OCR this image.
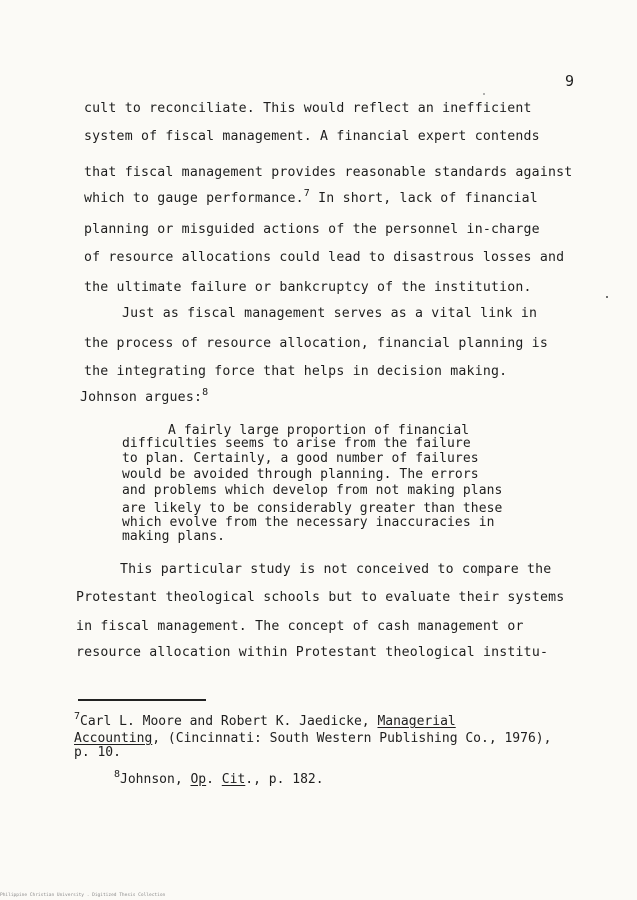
9
cult to reconciliate. This would reflect an inefficient
system of fiscal management. A financial expert contends
that fiscal management provides reasonable standards against
which to gauge performance.$^7$ In short, lack of financial
planning or misguided actions of the personnel in-charge
of resource allocations could lead to disastrous losses and
the ultimate failure or bankcruptcy of the institution.
Just as fiscal management serves as a vital link in
the process of resource allocation, financial planning is
the integrating force that helps in decision making.
Johnson argues:$^8$
A fairly large proportion of financial
difficulties seems to arise from the failure
to plan. Certainly, a good number of failures
would be avoided through planning. The errors
and problems which develop from not making plans
are likely to be considerably greater than these
which evolve from the necessary inaccuracies in
making plans.
This particular study is not conceived to compare the
Protestant theological schools but to evaluate their systems
in fiscal management. The concept of cash management or
resource allocation within Protestant theological institu-
$^7$Carl L. Moore and Robert K. Jaedicke, Managerial
Accounting, (Cincinnati: South Western Publishing Co., 1976),
p. 10.
$^8$Johnson, Op. Cit., p. 182.
Philippine Christian University . Digitized Thesis Collection
